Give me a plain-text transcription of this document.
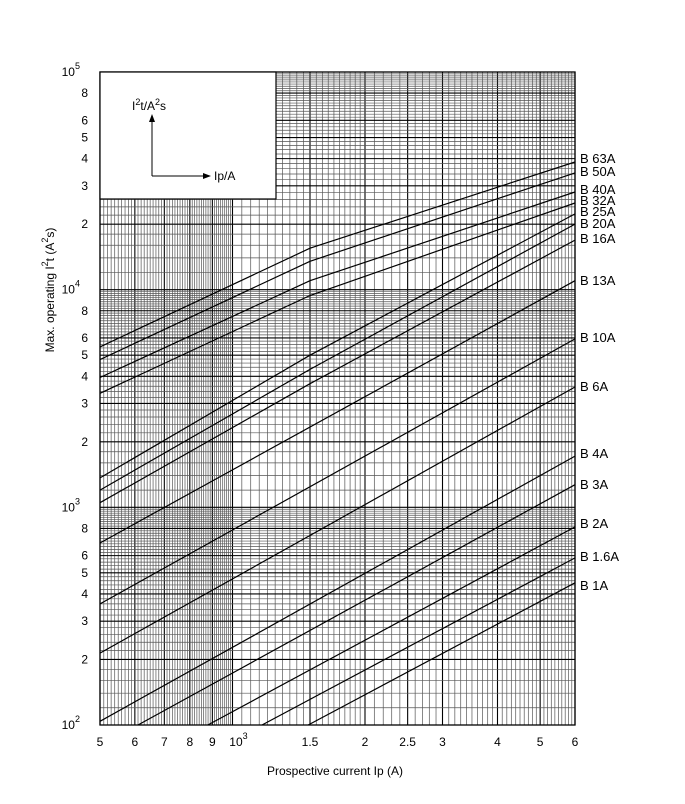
$I^2t/A^2s$
Ip/A
B 63A
B 50A
B 40A
B 32A
B 25A
B 20A
B 16A
B 13A
B 10A
B 6A
B 4A
B 3A
B 2A
B 1.6A
B 1A
$10^5$
8
6
5
4
3
2
$10^4$
8
6
5
4
3
2
$10^3$
8
6
5
4
3
2
$10^2$
5 6 7 8 9 $10^3$	1.5	2	2.5 3	4	5 6
Prospective current Ip (A)
Max. operating $I^2t$ $(A^2s)$
